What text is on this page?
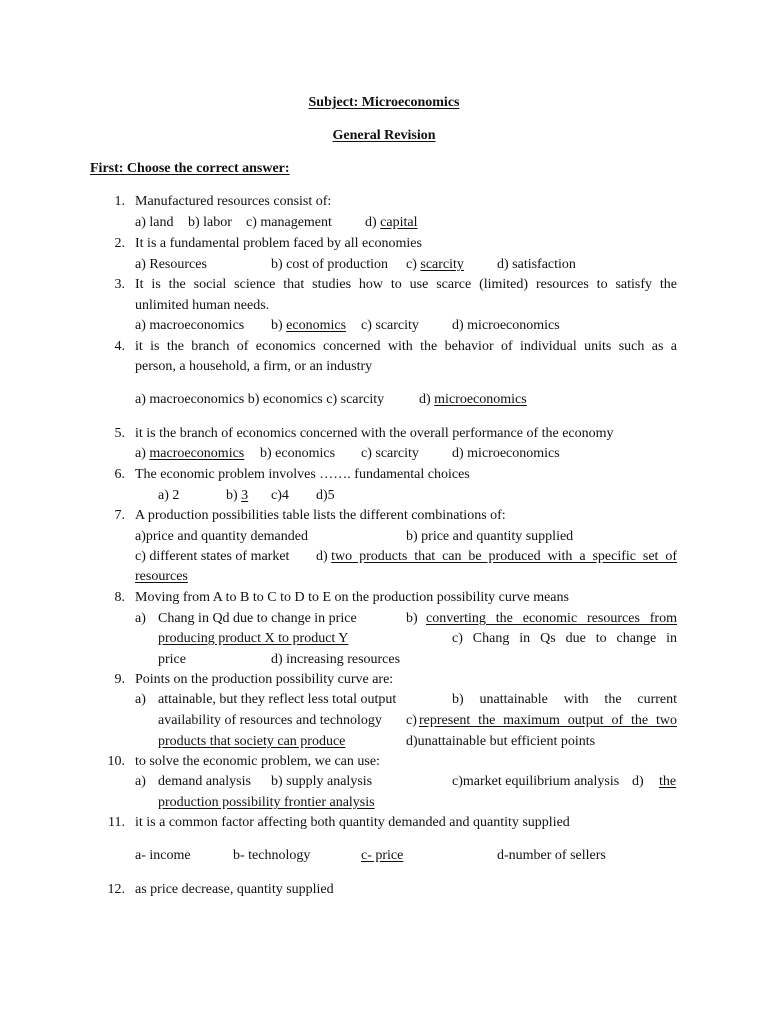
Subject: Microeconomics
General Revision
First: Choose the correct answer:
1. Manufactured resources consist of:
a) land b) labor c) management d) capital
2. It is a fundamental problem faced by all economies
a) Resources	b) cost of production c) scarcity d) satisfaction
3. It is the social science that studies how to use scarce (limited) resources to satisfy the
unlimited human needs.
a) macroeconomics b) economics c) scarcity d) microeconomics
4. it is the branch of economics concerned with the behavior of individual units such as a
person, a household, a firm, or an industry
a) macroeconomics b) economics c) scarcity d) microeconomics
5. it is the branch of economics concerned with the overall performance of the economy
a) macroeconomics b) economics c) scarcity d) microeconomics
6. The economic problem involves ……. fundamental choices
a) 2	b) 3 c)4 d)5
7. A production possibilities table lists the different combinations of:
a)price and quantity demanded	b) price and quantity supplied
c) different states of market d) two products that can be produced with a specific set of
resources
8. Moving from A to B to C to D to E on the production possibility curve means
a) Chang in Qd due to change in price	b) converting the economic resources from
producing product X to product Y	c) Chang in Qs due to change in
price	d) increasing resources
9. Points on the production possibility curve are:
a) attainable, but they reflect less total output	b) unattainable with the current
availability of resources and technology c) represent the maximum output of the two
products that society can produce	d)unattainable but efficient points
10. to solve the economic problem, we can use:
a) demand analysis b) supply analysis	c)market equilibrium analysis d) the
production possibility frontier analysis
11. it is a common factor affecting both quantity demanded and quantity supplied
a- income	b- technology	c- price	d-number of sellers
12. as price decrease, quantity supplied
